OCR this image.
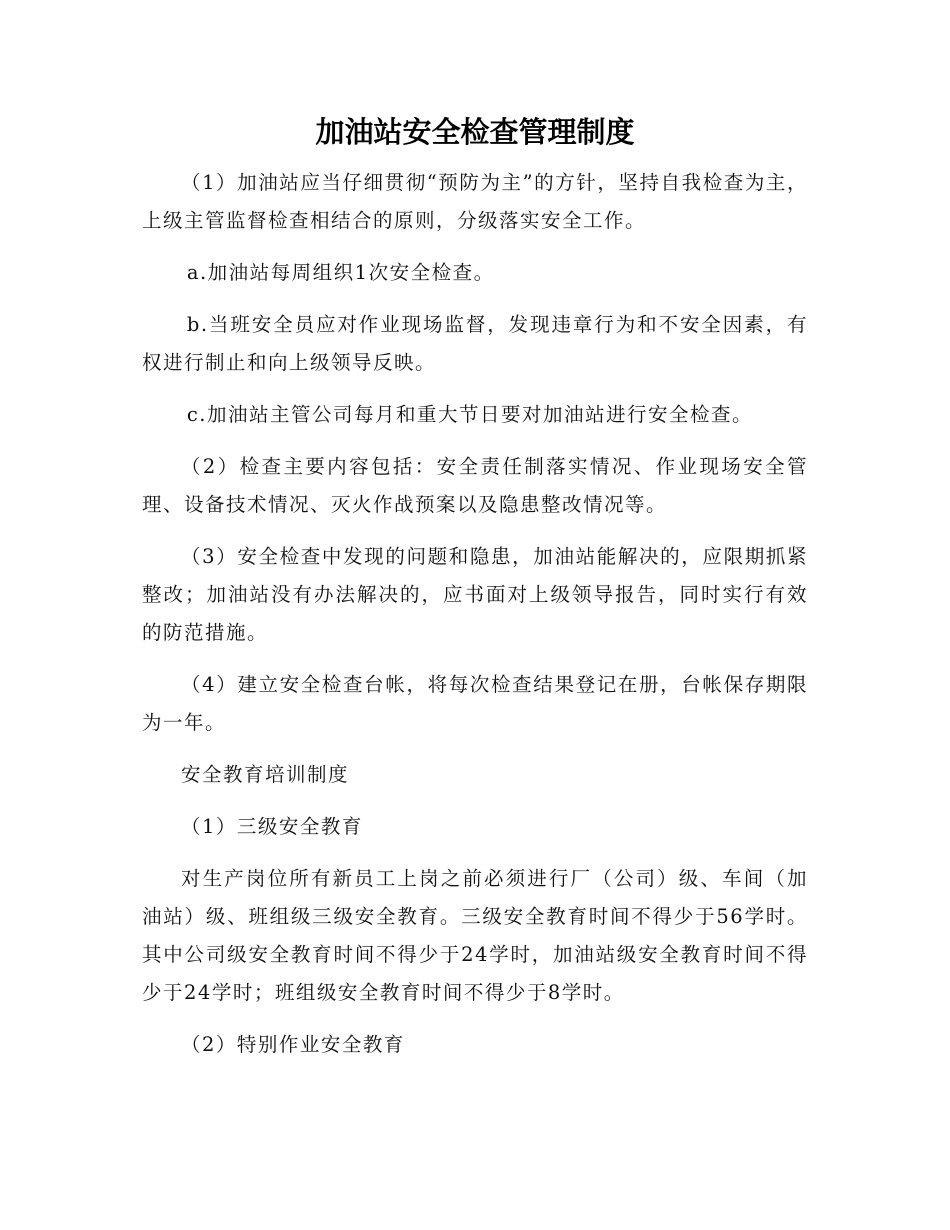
加油站安全检查管理制度

（1）加油站应当仔细贯彻“预防为主”的方针，坚持自我检查为主，上级主管监督检查相结合的原则，分级落实安全工作。

a.加油站每周组织1次安全检查。

b.当班安全员应对作业现场监督，发现违章行为和不安全因素，有权进行制止和向上级领导反映。

c.加油站主管公司每月和重大节日要对加油站进行安全检查。

（2）检查主要内容包括：安全责任制落实情况、作业现场安全管理、设备技术情况、灭火作战预案以及隐患整改情况等。

（3）安全检查中发现的问题和隐患，加油站能解决的，应限期抓紧整改；加油站没有办法解决的，应书面对上级领导报告，同时实行有效的防范措施。

（4）建立安全检查台帐，将每次检查结果登记在册，台帐保存期限为一年。

安全教育培训制度

（1）三级安全教育

对生产岗位所有新员工上岗之前必须进行厂（公司）级、车间（加油站）级、班组级三级安全教育。三级安全教育时间不得少于56学时。其中公司级安全教育时间不得少于24学时，加油站级安全教育时间不得少于24学时；班组级安全教育时间不得少于8学时。

（2）特别作业安全教育
